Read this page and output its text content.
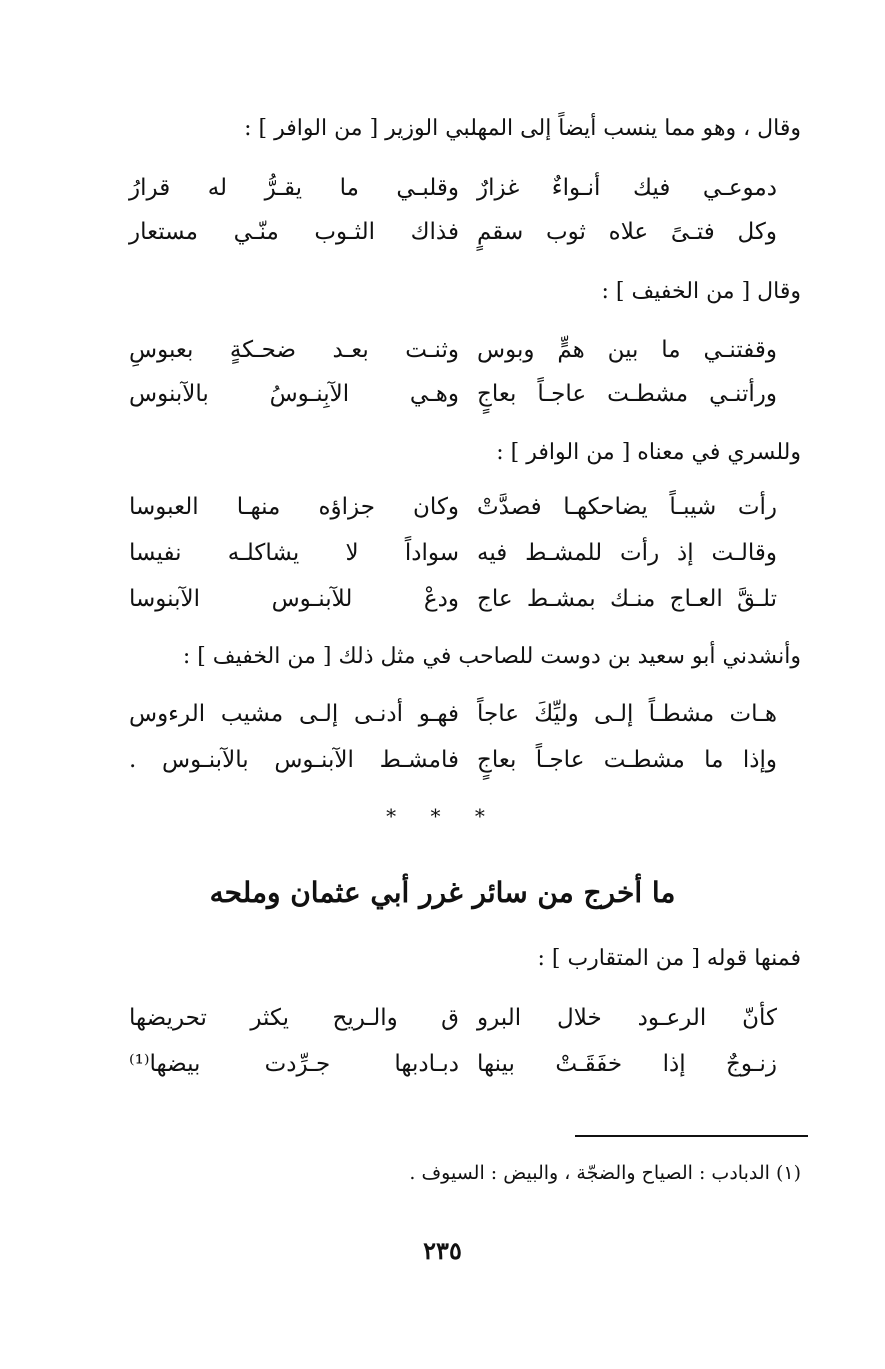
وقال ، وهو مما ينسب أيضاً إلى المهلبي الوزير [ من الوافر ] :
دموعـي فيك أنـواءٌ غزارٌ
وقلبـي ما يقـرُّ له قرارُ
وكل فتـىً علاه ثوب سقمٍ
فذاك الثـوب منّـي مستعار
وقال [ من الخفيف ] :
وقفتنـي ما بين همٍّ وبوس
وثنـت بعـد ضحـكةٍ بعبوسِ
ورأتنـي مشطـت عاجـاً بعاجٍ
وهـي الآبِنـوسُ بالآبنوس
وللسري في معناه [ من الوافر ] :
رأت شيبـاً يضاحكهـا فصدَّتْ
وكان جزاؤه منهـا العبوسا
وقالـت إذ رأت للمشـط فيه
سواداً لا يشاكلـه نفيسا
تلـقَّ العـاج منـك بمشـط عاج
ودعْ للآبنـوس الآبنوسا
وأنشدني أبو سعيد بن دوست للصاحب في مثل ذلك [ من الخفيف ] :
هـات مشطـاً إلـى وليِّكَ عاجاً
فهـو أدنـى إلـى مشيب الرءوس
وإذا ما مشطـت عاجـاً بعاجٍ
فامشـط الآبنـوس بالآبنـوس .
* * *
ما أخرج من سائر غرر أبي عثمان وملحه
فمنها قوله [ من المتقارب ] :
كأنّ الرعـود خلال البرو
ق والـريح يكثر تحريضها
زنـوجٌ إذا خفَقَـتْ بينها
دبـادبها جـرِّدت بيضها⁽¹⁾
(١) الدبادب : الصياح والضجّة ، والبيض : السيوف .
٢٣٥
